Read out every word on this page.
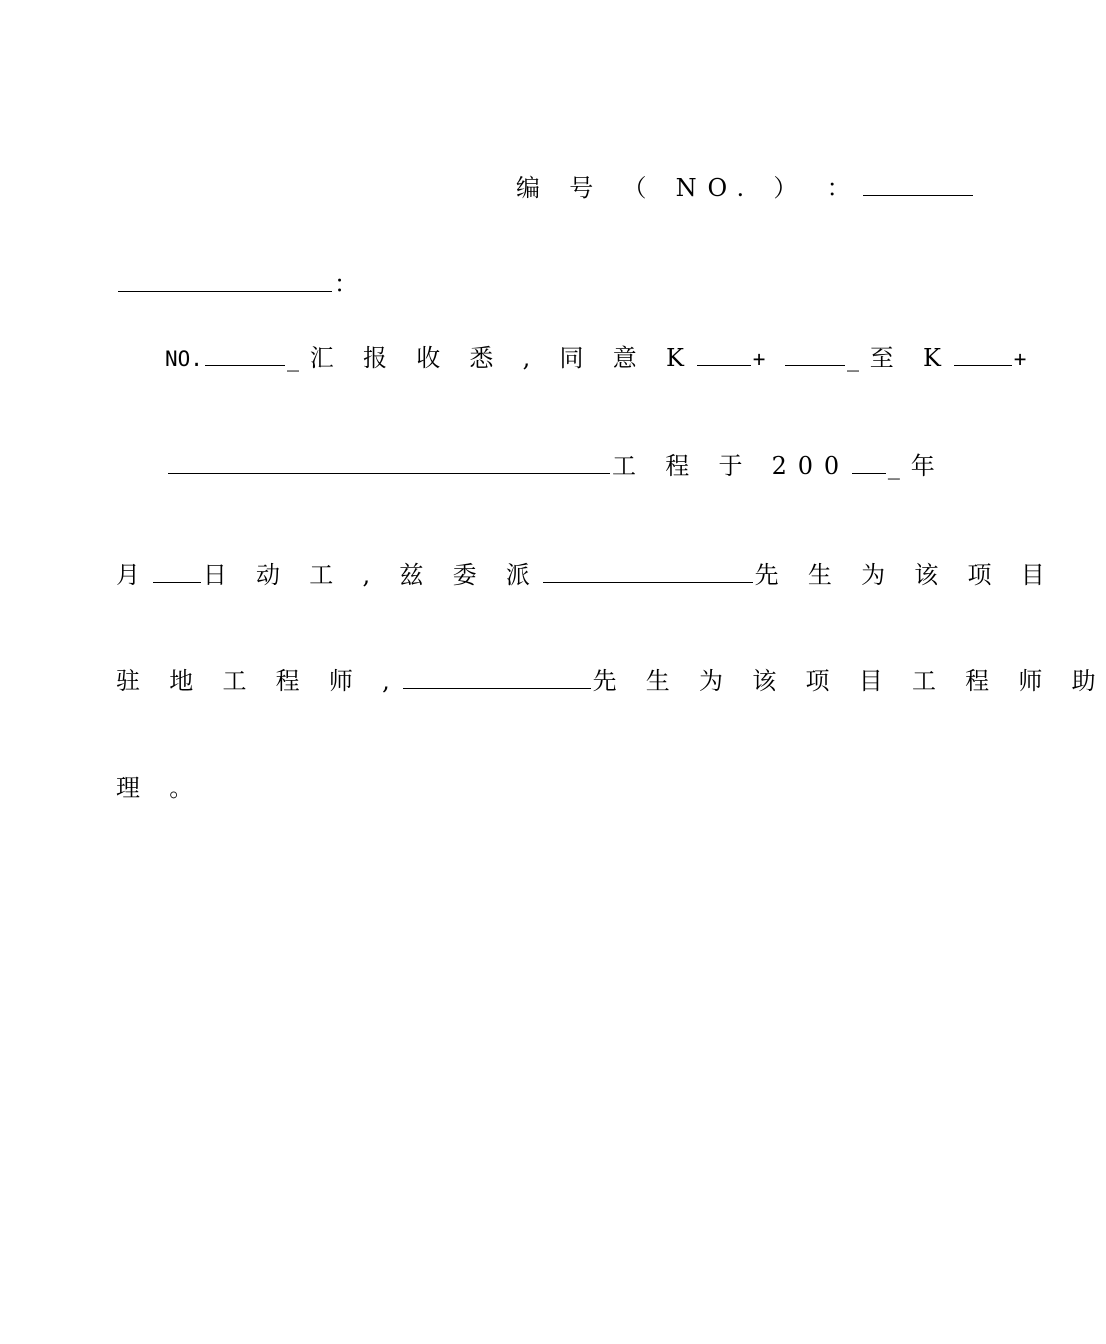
编 号 （ NO. ） ：
：
NO.	_汇 报 收 悉 , 同 意 K	+	_至 K	+
工 程 于 200 _年
月 日 动 工 , 兹 委 派	先 生 为 该 项 目
驻 地 工 程 师 ,	先 生 为 该 项 目 工 程 师 助
理 。
